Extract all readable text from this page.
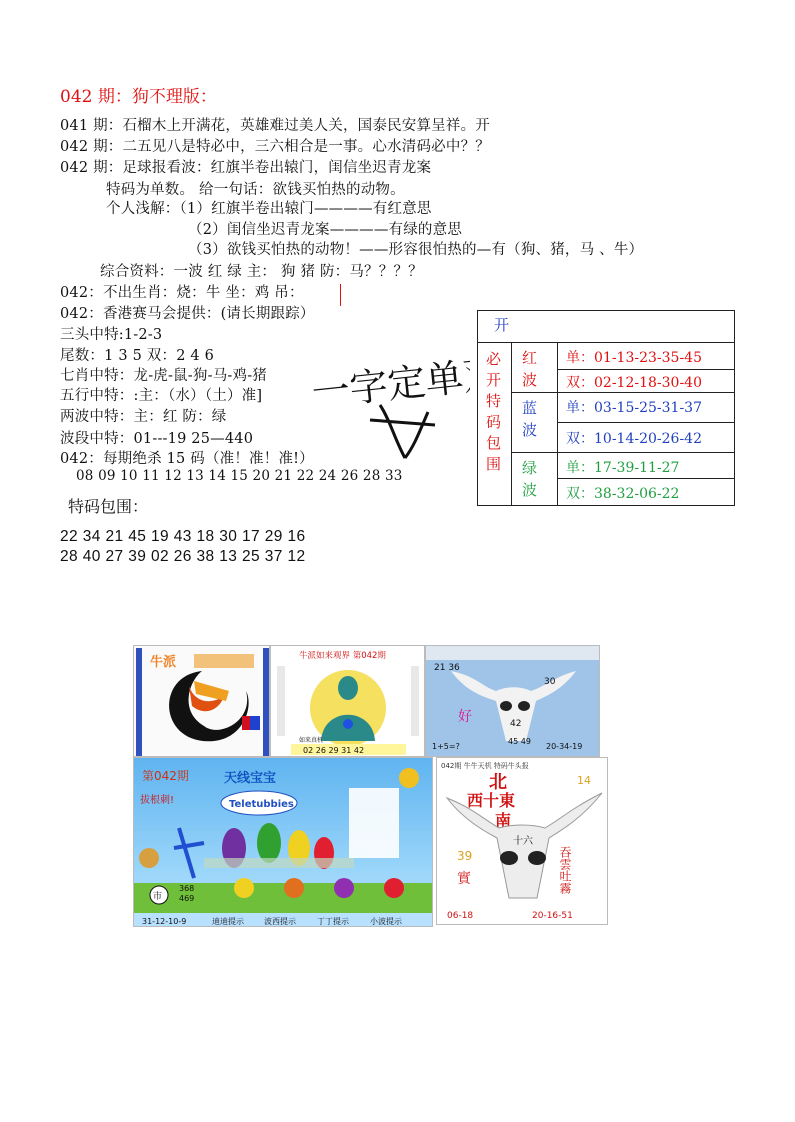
042 期：狗不理版：
041 期：石榴木上开满花，英雄难过美人关，国泰民安算呈祥。开
042 期：二五见八是特必中，三六相合是一事。心水清码必中？？
042 期：足球报看波：红旗半卷出辕门，闺信坐迟青龙案
特码为单数。 给一句话：欲钱买怕热的动物。
个人浅解：（1）红旗半卷出辕门————有红意思
（2）闺信坐迟青龙案————有绿的意思
（3）欲钱买怕热的动物！——形容很怕热的—有（狗、猪，马 、牛）
综合资料：一波 红 绿 主： 狗 猪 防：马？？？？
042：不出生肖：烧：牛 坐：鸡 吊：
042：香港赛马会提供：(请长期跟踪）
三头中特:1-2-3
尾数：1 3 5 双：2 4 6
七肖中特：龙-虎-鼠-狗-马-鸡-猪
五行中特：:主：（水）（土）准]
两波中特：主：红 防：绿
波段中特：01---19 25—440
042：每期绝杀 15 码（准！准！准!）
08 09 10 11 12 13 14 15 20 21 22 24 26 28 33
特码包围：
22 34 21 45 19 43 18 30 17 29 16
28 40 27 39 02 26 38 13 25 37 12
一字定单双
开
必开特码包围
红波
单：01-13-23-35-45
双：02-12-18-30-40
蓝波
单：03-15-25-31-37
双：10-14-20-26-42
绿波
单：17-39-11-27
双：38-32-06-22
牛派	牛派如来观界 第042期
02 26 29 31 42
如来真机
21 36
30
好	42
45 49
20-34-19
1+5=?
第042期	天线宝宝
Teletubbies
拔根刺!
市
368
469
31-12-10-9	迪迪提示	波西提示	丁丁提示	小波提示
042期 牛牛天机 特码牛头报
北	14
西十東
南
十六
39
實	吞雲吐霧
06-18	20-16-51
